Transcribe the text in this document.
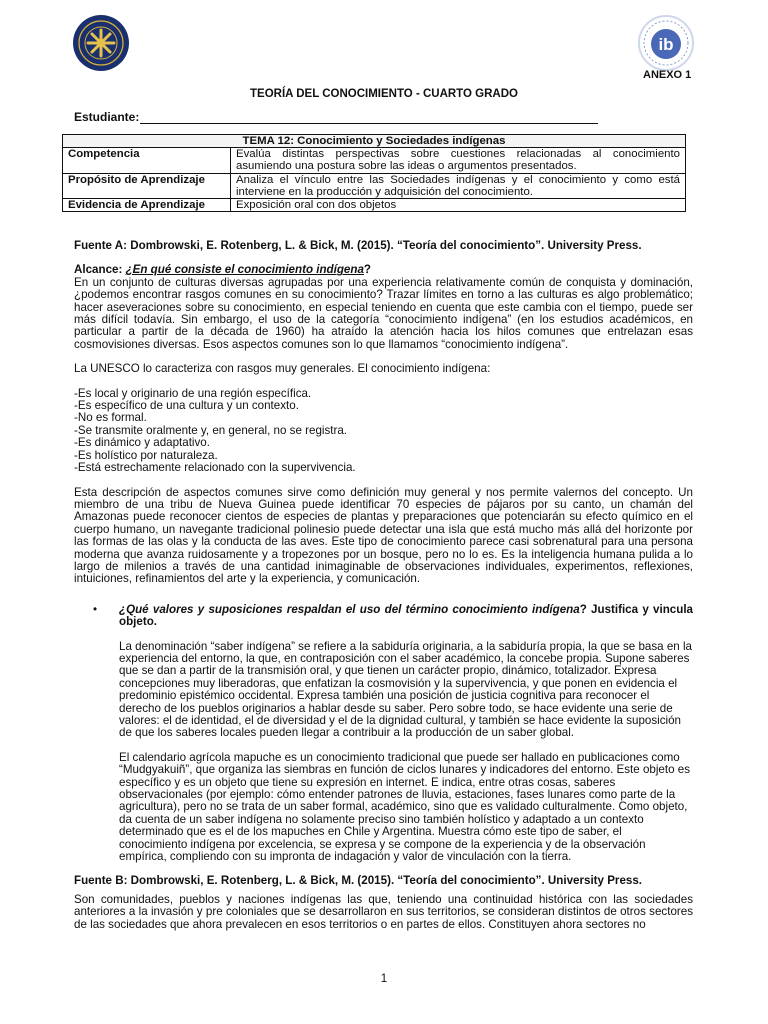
ib
ANEXO 1
TEORÍA DEL CONOCIMIENTO - CUARTO GRADO
Estudiante:
TEMA 12: Conocimiento y Sociedades indígenas	
Competencia	Evalúa distintas perspectivas sobre cuestiones relacionadas al conocimiento asumiendo una postura sobre las ideas o argumentos presentados.
Propósito de Aprendizaje	Analiza el vínculo entre las Sociedades indígenas y el conocimiento y como está interviene en la producción y adquisición del conocimiento.
Evidencia de Aprendizaje	Exposición oral con dos objetos

Fuente A: Dombrowski, E. Rotenberg, L. & Bick, M. (2015). “Teoría del conocimiento”. University Press.

Alcance: ¿En qué consiste el conocimiento indígena?

En un conjunto de culturas diversas agrupadas por una experiencia relativamente común de conquista y dominación, ¿podemos encontrar rasgos comunes en su conocimiento? Trazar límites en torno a las culturas es algo problemático; hacer aseveraciones sobre su conocimiento, en especial teniendo en cuenta que este cambia con el tiempo, puede ser más difícil todavía. Sin embargo, el uso de la categoría “conocimiento indígena” (en los estudios académicos, en particular a partir de la década de 1960) ha atraído la atención hacia los hilos comunes que entrelazan esas cosmovisiones diversas. Esos aspectos comunes son lo que llamamos “conocimiento indígena”.

La UNESCO lo caracteriza con rasgos muy generales. El conocimiento indígena:

-Es local y originario de una región específica.

-Es específico de una cultura y un contexto.

-No es formal.

-Se transmite oralmente y, en general, no se registra.

-Es dinámico y adaptativo.

-Es holístico por naturaleza.

-Está estrechamente relacionado con la supervivencia.

Esta descripción de aspectos comunes sirve como definición muy general y nos permite valernos del concepto. Un miembro de una tribu de Nueva Guinea puede identificar 70 especies de pájaros por su canto, un chamán del Amazonas puede reconocer cientos de especies de plantas y preparaciones que potenciarán su efecto químico en el cuerpo humano, un navegante tradicional polinesio puede detectar una isla que está mucho más allá del horizonte por las formas de las olas y la conducta de las aves. Este tipo de conocimiento parece casi sobrenatural para una persona moderna que avanza ruidosamente y a tropezones por un bosque, pero no lo es. Es la inteligencia humana pulida a lo largo de milenios a través de una cantidad inimaginable de observaciones individuales, experimentos, reflexiones, intuiciones, refinamientos del arte y la experiencia, y comunicación.

• ¿Qué valores y suposiciones respaldan el uso del término conocimiento indígena? Justifica y vincula objeto.

La denominación “saber indígena” se refiere a la sabiduría originaria, a la sabiduría propia, la que se basa en la experiencia del entorno, la que, en contraposición con el saber académico, la concebe propia. Supone saberes que se dan a partir de la transmisión oral, y que tienen un carácter propio, dinámico, totalizador. Expresa concepciones muy liberadoras, que enfatizan la cosmovisión y la supervivencia, y que ponen en evidencia el predominio epistémico occidental. Expresa también una posición de justicia cognitiva para reconocer el derecho de los pueblos originarios a hablar desde su saber. Pero sobre todo, se hace evidente una serie de valores: el de identidad, el de diversidad y el de la dignidad cultural, y también se hace evidente la suposición de que los saberes locales pueden llegar a contribuir a la producción de un saber global.

El calendario agrícola mapuche es un conocimiento tradicional que puede ser hallado en publicaciones como “Mudgyakuiñ”, que organiza las siembras en función de ciclos lunares y indicadores del entorno. Este objeto es específico y es un objeto que tiene su expresión en internet. E indica, entre otras cosas, saberes observacionales (por ejemplo: cómo entender patrones de lluvia, estaciones, fases lunares como parte de la agricultura), pero no se trata de un saber formal, académico, sino que es validado culturalmente. Como objeto, da cuenta de un saber indígena no solamente preciso sino también holístico y adaptado a un contexto determinado que es el de los mapuches en Chile y Argentina. Muestra cómo este tipo de saber, el conocimiento indígena por excelencia, se expresa y se compone de la experiencia y de la observación empírica, compliendo con su impronta de indagación y valor de vinculación con la tierra.

Fuente B: Dombrowski, E. Rotenberg, L. & Bick, M. (2015). “Teoría del conocimiento”. University Press.

Son comunidades, pueblos y naciones indígenas las que, teniendo una continuidad histórica con las sociedades anteriores a la invasión y pre coloniales que se desarrollaron en sus territorios, se consideran distintos de otros sectores de las sociedades que ahora prevalecen en esos territorios o en partes de ellos. Constituyen ahora sectores no

1
